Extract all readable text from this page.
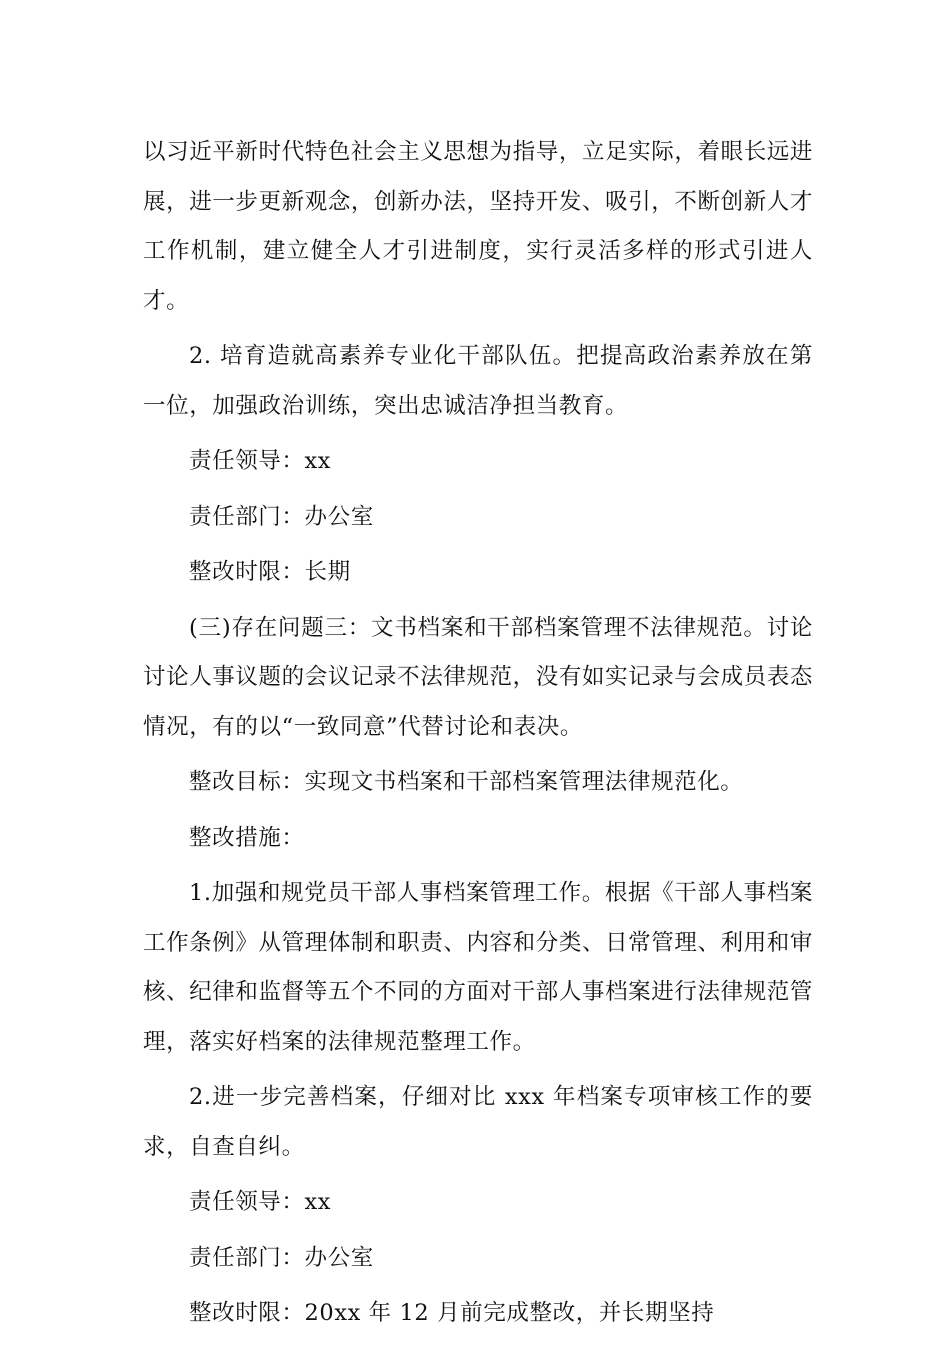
以习近平新时代特色社会主义思想为指导，立足实际，着眼长远进展，进一步更新观念，创新办法，坚持开发、吸引，不断创新人才工作机制，建立健全人才引进制度，实行灵活多样的形式引进人才。

2. 培育造就高素养专业化干部队伍。把提高政治素养放在第一位，加强政治训练，突出忠诚洁净担当教育。

责任领导：xx

责任部门：办公室

整改时限：长期

(三)存在问题三：文书档案和干部档案管理不法律规范。讨论讨论人事议题的会议记录不法律规范，没有如实记录与会成员表态情况，有的以“一致同意”代替讨论和表决。

整改目标：实现文书档案和干部档案管理法律规范化。

整改措施：

1.加强和规党员干部人事档案管理工作。根据《干部人事档案工作条例》从管理体制和职责、内容和分类、日常管理、利用和审核、纪律和监督等五个不同的方面对干部人事档案进行法律规范管理，落实好档案的法律规范整理工作。

2.进一步完善档案，仔细对比 xxx 年档案专项审核工作的要求，自查自纠。

责任领导：xx

责任部门：办公室

整改时限：20xx 年 12 月前完成整改，并长期坚持
